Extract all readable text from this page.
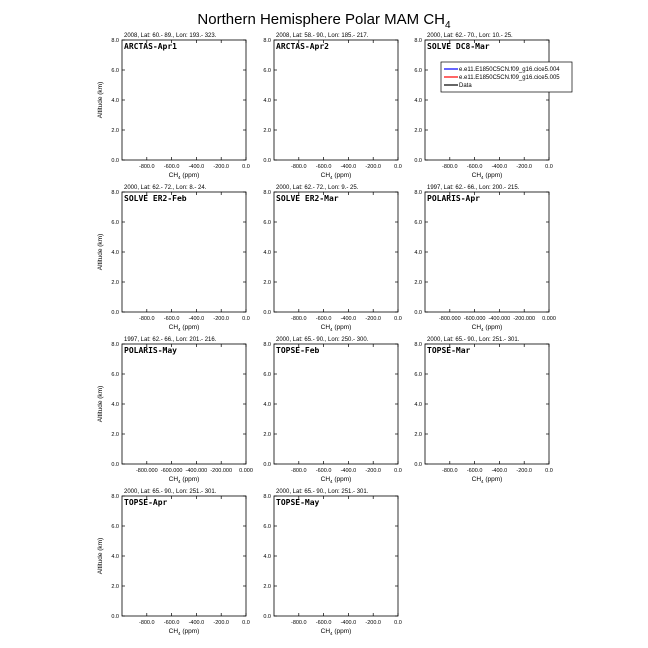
Northern Hemisphere Polar MAM $CH_4$
2008, Lat: 60.- 89., Lon: 193.- 323.
ARCTAS-Apr1
0.0
2.0
4.0
6.0
8.0
-800.0 -600.0 -400.0 -200.0 0.0
$CH_4$ (ppm)
Altitude (km)
2008, Lat: 58.- 90., Lon: 185.- 217.
ARCTAS-Apr2
0.0
2.0
4.0
6.0
8.0
-800.0 -600.0 -400.0 -200.0 0.0
$CH_4$ (ppm)
2000, Lat: 62.- 70., Lon: 10.- 25.
SOLVE DC8-Mar
0.0
2.0
4.0
6.0
8.0
-800.0 -600.0 -400.0 -200.0 0.0
$CH_4$ (ppm)
2000, Lat: 62.- 72., Lon: 8.- 24.
SOLVE ER2-Feb
0.0
2.0
4.0
6.0
8.0
-800.0 -600.0 -400.0 -200.0 0.0
$CH_4$ (ppm)
Altitude (km)
2000, Lat: 62.- 72., Lon: 9.- 25.
SOLVE ER2-Mar
0.0
2.0
4.0
6.0
8.0
-800.0 -600.0 -400.0 -200.0 0.0
$CH_4$ (ppm)
1997, Lat: 62.- 66., Lon: 200.- 215.
POLARIS-Apr
0.0
2.0
4.0
6.0
8.0
-800.000 -600.000 -400.000 -200.000 0.000
$CH_4$ (ppm)
1997, Lat: 62.- 66., Lon: 201.- 216.
POLARIS-May
0.0
2.0
4.0
6.0
8.0
-800.000 -600.000 -400.000 -200.000 0.000
$CH_4$ (ppm)
Altitude (km)
2000, Lat: 65.- 90., Lon: 250.- 300.
TOPSE-Feb
0.0
2.0
4.0
6.0
8.0
-800.0 -600.0 -400.0 -200.0 0.0
$CH_4$ (ppm)
2000, Lat: 65.- 90., Lon: 251.- 301.
TOPSE-Mar
0.0
2.0
4.0
6.0
8.0
-800.0 -600.0 -400.0 -200.0 0.0
$CH_4$ (ppm)
2000, Lat: 65.- 90., Lon: 251.- 301.
TOPSE-Apr
0.0
2.0
4.0
6.0
8.0
-800.0 -600.0 -400.0 -200.0 0.0
$CH_4$ (ppm)
Altitude (km)
2000, Lat: 65.- 90., Lon: 251.- 301.
TOPSE-May
0.0
2.0
4.0
6.0
8.0
-800.0 -600.0 -400.0 -200.0 0.0
$CH_4$ (ppm)
e.e11.E1850C5CN.f09_g16.cice5.004
e.e11.E1850C5CN.f09_g16.cice5.005
Data
